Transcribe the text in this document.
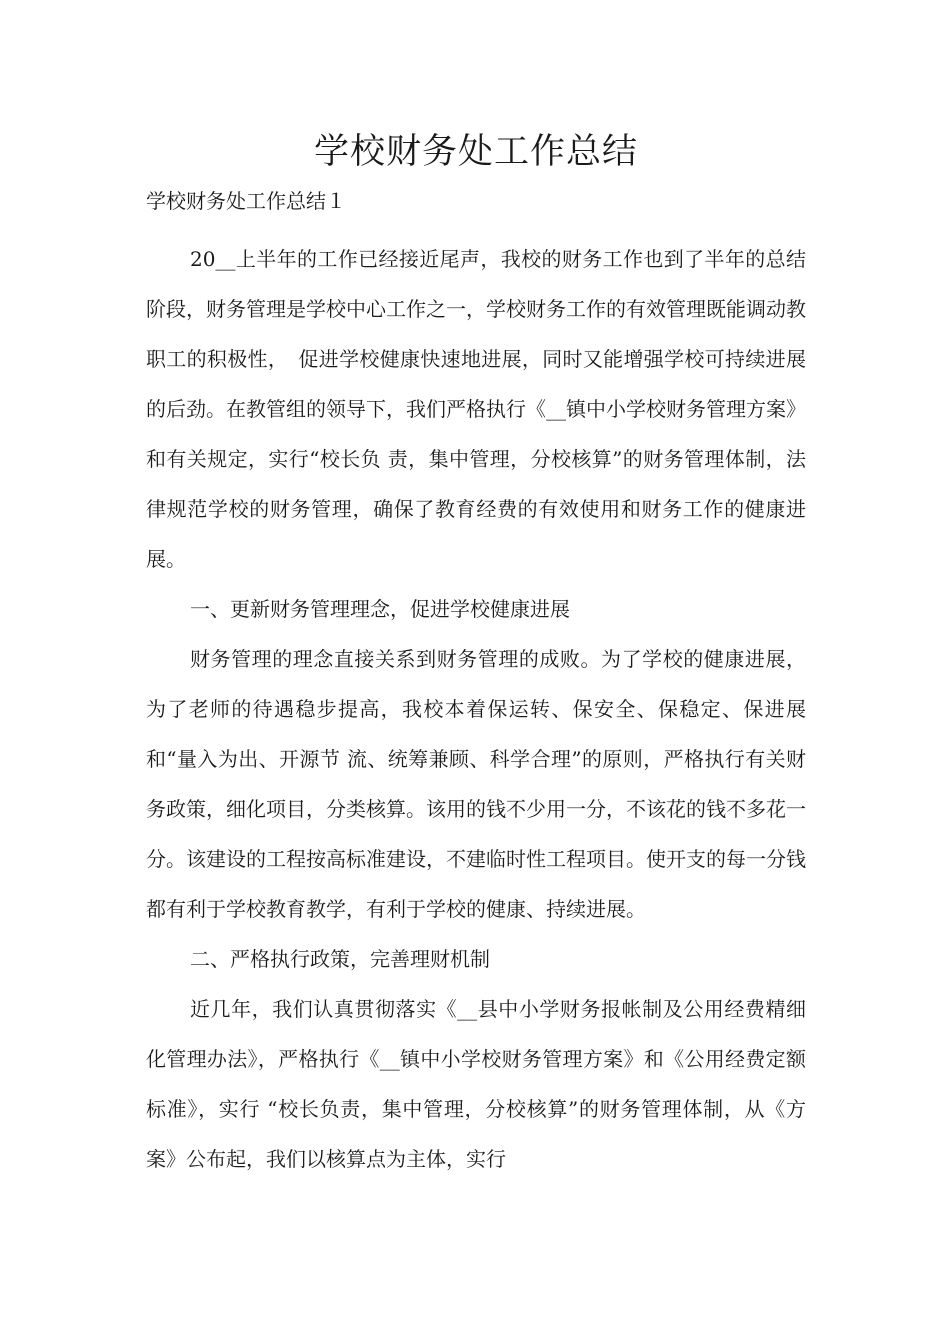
学校财务处工作总结
学校财务处工作总结１

20__上半年的工作已经接近尾声，我校的财务工作也到了半年的总结阶段，财务管理是学校中心工作之一，学校财务工作的有效管理既能调动教职工的积极性，　促进学校健康快速地进展，同时又能增强学校可持续进展的后劲。在教管组的领导下，我们严格执行《__镇中小学校财务管理方案》和有关规定，实行“校长负 责，集中管理，分校核算”的财务管理体制，法律规范学校的财务管理，确保了教育经费的有效使用和财务工作的健康进展。

一、更新财务管理理念，促进学校健康进展

财务管理的理念直接关系到财务管理的成败。为了学校的健康进展，为了老师的待遇稳步提高，我校本着保运转、保安全、保稳定、保进展和“量入为出、开源节 流、统筹兼顾、科学合理”的原则，严格执行有关财务政策，细化项目，分类核算。该用的钱不少用一分，不该花的钱不多花一分。该建设的工程按高标准建设，不建临时性工程项目。使开支的每一分钱都有利于学校教育教学，有利于学校的健康、持续进展。

二、严格执行政策，完善理财机制

近几年，我们认真贯彻落实《__县中小学财务报帐制及公用经费精细化管理办法》，严格执行《__镇中小学校财务管理方案》和《公用经费定额标准》，实行 “校长负责，集中管理，分校核算”的财务管理体制，从《方案》公布起，我们以核算点为主体，实行
